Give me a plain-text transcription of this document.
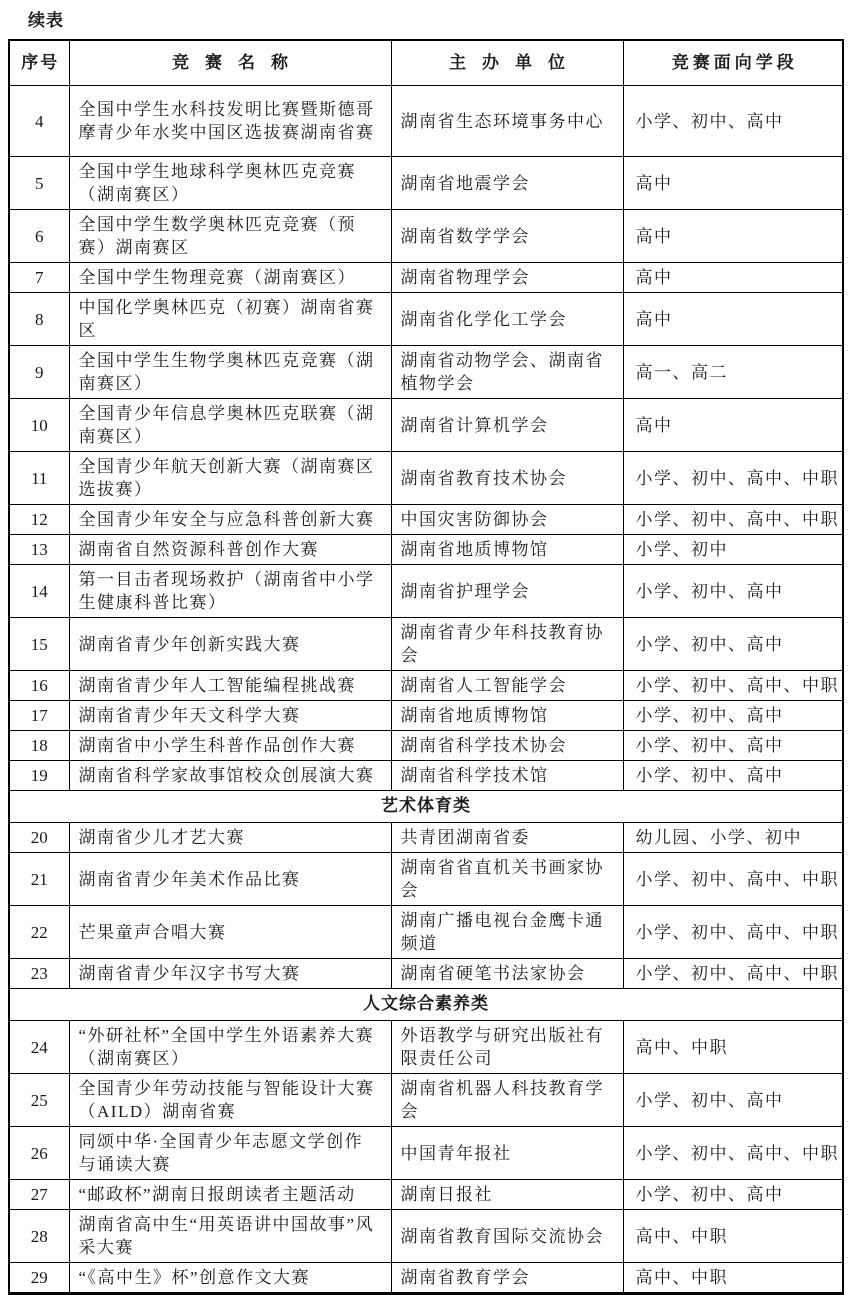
续表
序号	竞赛名称	主办单位	竞赛面向学段
4	全国中学生水科技发明比赛暨斯德哥摩青少年水奖中国区选拔赛湖南省赛	湖南省生态环境事务中心	小学、初中、高中
5	全国中学生地球科学奥林匹克竞赛（湖南赛区）	湖南省地震学会	高中
6	全国中学生数学奥林匹克竞赛（预赛）湖南赛区	湖南省数学学会	高中
7	全国中学生物理竞赛（湖南赛区）	湖南省物理学会	高中
8	中国化学奥林匹克（初赛）湖南省赛区	湖南省化学化工学会	高中
9	全国中学生生物学奥林匹克竞赛（湖南赛区）	湖南省动物学会、湖南省植物学会	高一、高二
10	全国青少年信息学奥林匹克联赛（湖南赛区）	湖南省计算机学会	高中
11	全国青少年航天创新大赛（湖南赛区选拔赛）	湖南省教育技术协会	小学、初中、高中、中职
12	全国青少年安全与应急科普创新大赛	中国灾害防御协会	小学、初中、高中、中职
13	湖南省自然资源科普创作大赛	湖南省地质博物馆	小学、初中
14	第一目击者现场救护（湖南省中小学生健康科普比赛）	湖南省护理学会	小学、初中、高中
15	湖南省青少年创新实践大赛	湖南省青少年科技教育协会	小学、初中、高中
16	湖南省青少年人工智能编程挑战赛	湖南省人工智能学会	小学、初中、高中、中职
17	湖南省青少年天文科学大赛	湖南省地质博物馆	小学、初中、高中
18	湖南省中小学生科普作品创作大赛	湖南省科学技术协会	小学、初中、高中
19	湖南省科学家故事馆校众创展演大赛	湖南省科学技术馆	小学、初中、高中
艺术体育类			
20	湖南省少儿才艺大赛	共青团湖南省委	幼儿园、小学、初中
21	湖南省青少年美术作品比赛	湖南省省直机关书画家协会	小学、初中、高中、中职
22	芒果童声合唱大赛	湖南广播电视台金鹰卡通频道	小学、初中、高中、中职
23	湖南省青少年汉字书写大赛	湖南省硬笔书法家协会	小学、初中、高中、中职
人文综合素养类			
24	“外研社杯”全国中学生外语素养大赛（湖南赛区）	外语教学与研究出版社有限责任公司	高中、中职
25	全国青少年劳动技能与智能设计大赛（AILD）湖南省赛	湖南省机器人科技教育学会	小学、初中、高中
26	同颂中华·全国青少年志愿文学创作与诵读大赛	中国青年报社	小学、初中、高中、中职
27	“邮政杯”湖南日报朗读者主题活动	湖南日报社	小学、初中、高中
28	湖南省高中生“用英语讲中国故事”风采大赛	湖南省教育国际交流协会	高中、中职
29	“《高中生》杯”创意作文大赛	湖南省教育学会	高中、中职
